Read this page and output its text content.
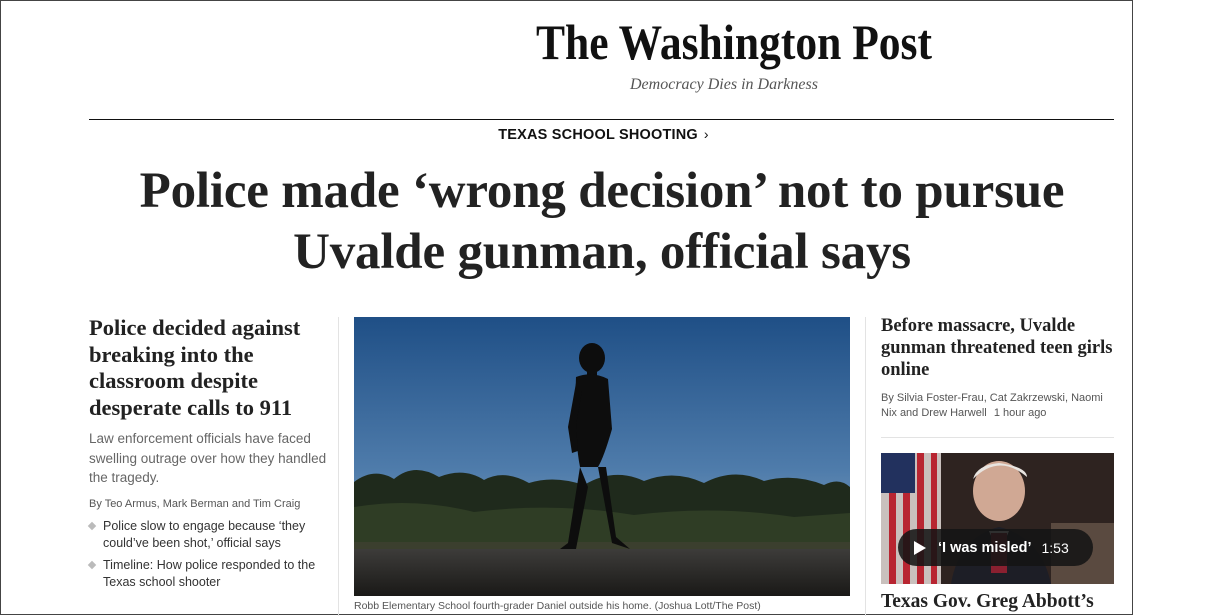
The Washington Post
Democracy Dies in Darkness
TEXAS SCHOOL SHOOTING ›
Police made ‘wrong decision’ not to pursue Uvalde gunman, official says
Police decided against breaking into the classroom despite desperate calls to 911

Law enforcement officials have faced swelling outrage over how they handled the tragedy.

By Teo Armus, Mark Berman and Tim Craig

Police slow to engage because ‘they could’ve been shot,’ official says
Timeline: How police responded to the Texas school shooter
Robb Elementary School fourth-grader Daniel outside his home. (Joshua Lott/The Post)
Before massacre, Uvalde gunman threatened teen girls online

By Silvia Foster-Frau, Cat Zakrzewski, Naomi Nix and Drew Harwell 1 hour ago

‘I was misled’ 1:53
Texas Gov. Greg Abbott’s
